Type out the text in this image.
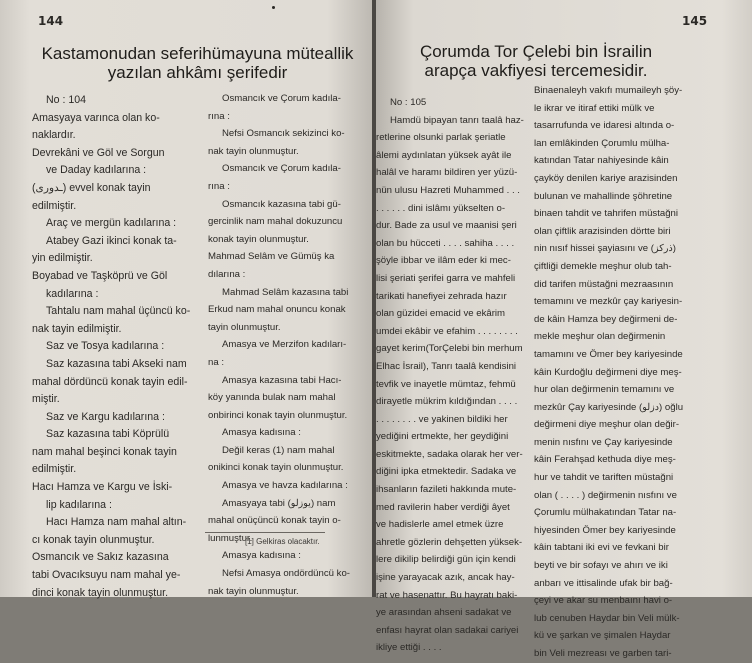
144
Kastamonudan seferihümayuna müteallik
yazılan ahkâmı şerifedir
No : 104
Amasyaya varınca olan ko-
naklardır.
Devrekâni ve Göl ve Sorgun
ve Daday kadılarına :
(ـدوری) evvel konak tayin
edilmiştir.
Araç ve mergün kadılarına :
Atabey Gazi ikinci konak ta-
yin edilmiştir.
Boyabad ve Taşköprü ve Göl
kadılarına :
Tahtalu nam mahal üçüncü ko-
nak tayin edilmiştir.
Saz ve Tosya kadılarına :
Saz kazasına tabi Akseki nam
mahal dördüncü konak tayin edil-
miştir.
Saz ve Kargu kadılarına :
Saz kazasına tabi Köprülü
nam mahal beşinci konak tayin
edilmiştir.
Hacı Hamza ve Kargu ve İski-
lip kadılarına :
Hacı Hamza nam mahal altın-
cı konak tayin olunmuştur.
Osmancık ve Sakız kazasına
tabi Ovacıksuyu nam mahal ye-
dinci konak tayin olunmuştur.
Osmancık ve Çorum kadıla-
rına :
Nefsi Osmancık sekizinci ko-
nak tayin olunmuştur.
Osmancık ve Çorum kadıla-
rına :
Osmancık kazasına tabi gü-
gercinlik nam mahal dokuzuncu
konak tayin olunmuştur.
Mahmad Selâm ve Gümüş ka
dılarına :
Mahmad Selâm kazasına tabi
Erkud nam mahal onuncu konak
tayin olunmuştur.
Amasya ve Merzifon kadıları-
na :
Amasya kazasına tabi Hacı-
köy yanında bulak nam mahal
onbirinci konak tayin olunmuştur.
Amasya kadısına :
Değil keras (1) nam mahal
onikinci konak tayin olunmuştur.
Amasya ve havza kadılarına :
Amasyaya tabi (يوزلو) nam
mahal onüçüncü konak tayin o-
lunmuştur.
Amasya kadısına :
Nefsi Amasya ondördüncü ko-
nak tayin olunmuştur.
[1] Gelkiras olacaktır.
145
Çorumda Tor Çelebi bin İsrailin
arapça vakfiyesi tercemesidir.
No : 105
Hamdü bipayan tanrı taalâ haz-
retlerine olsunki parlak şeriatle
âlemi aydınlatan yüksek ayât ile
halâl ve haramı bildiren yer yüzü-
nün ulusu Hazreti Muhammed . . .
. . . . . . dini islâmı yükselten o-
dur. Bade za usul ve maanisi şeri
olan bu hücceti . . . . sahiha . . . .
şöyle ibbar ve ilâm eder ki mec-
lisi şeriati şerifei garra ve mahfeli
tarikati hanefiyei zehrada hazır
olan güzidei emacid ve ekârim
umdei ekâbir ve efahim . . . . . . . .
gayet kerim(TorÇelebi bin merhum
Elhac İsrail), Tanrı taalâ kendisini
tevfik ve inayetle mümtaz, fehmü
dirayetle mükrim kıldığından . . . .
. . . . . . . . ve yakinen bildiki her
yediğini ertmekte, her geydiğini
eskitmekte, sadaka olarak her ver-
diğini ipka etmektedir. Sadaka ve
ihsanların fazileti hakkında mute-
med ravilerin haber verdiği âyet
ve hadislerle amel etmek üzre
ahretle gözlerin dehşetten yüksek-
lere dikilip belirdiği gün için kendi
işine yarayacak azık, ancak hay-
rat ve hasenattır. Bu hayratı baki-
ye arasından ahseni sadakat ve
enfası hayrat olan sadakai cariyei
ikliye ettiği . . . .
Binaenaleyh vakıfı mumaileyh şöy-
le ikrar ve itiraf ettiki mülk ve
tasarrufunda ve idaresi altında o-
lan emlâkinden Çorumlu mülha-
katından Tatar nahiyesinde kâin
çayköy denilen kariye arazisinden
bulunan ve mahallinde şöhretine
binaen tahdit ve tahrifen müstağni
olan çiftlik arazisinden dörtte biri
nin nısıf hissei şayiasını ve (ذركز)
çiftliği demekle meşhur olub tah-
did tarifen müstağni mezraasının
temamını ve mezkûr çay kariyesin-
de kâin Hamza bey değirmeni de-
mekle meşhur olan değirmenin
tamamını ve Ömer bey kariyesinde
kâin Kurdoğlu değirmeni diye meş-
hur olan değirmenin temamını ve
mezkûr Çay kariyesinde (دزلو) oğlu
değirmeni diye meşhur olan değir-
menin nısfını ve Çay kariyesinde
kâin Ferahşad kethuda diye meş-
hur ve tahdit ve tariften müstağni
olan ( . . . . ) değirmenin nısfını ve
Çorumlu mülhakatından Tatar na-
hiyesinden Ömer bey kariyesinde
kâin tabtani iki evi ve fevkani bir
beyti ve bir sofayı ve ahırı ve iki
anbarı ve ittisalinde ufak bir bağ-
çeyi ve akar su menbaını havi o-
lub cenuben Haydar bin Veli mülk-
kü ve şarkan ve şimalen Haydar
bin Veli mezreası ve garben tari-
